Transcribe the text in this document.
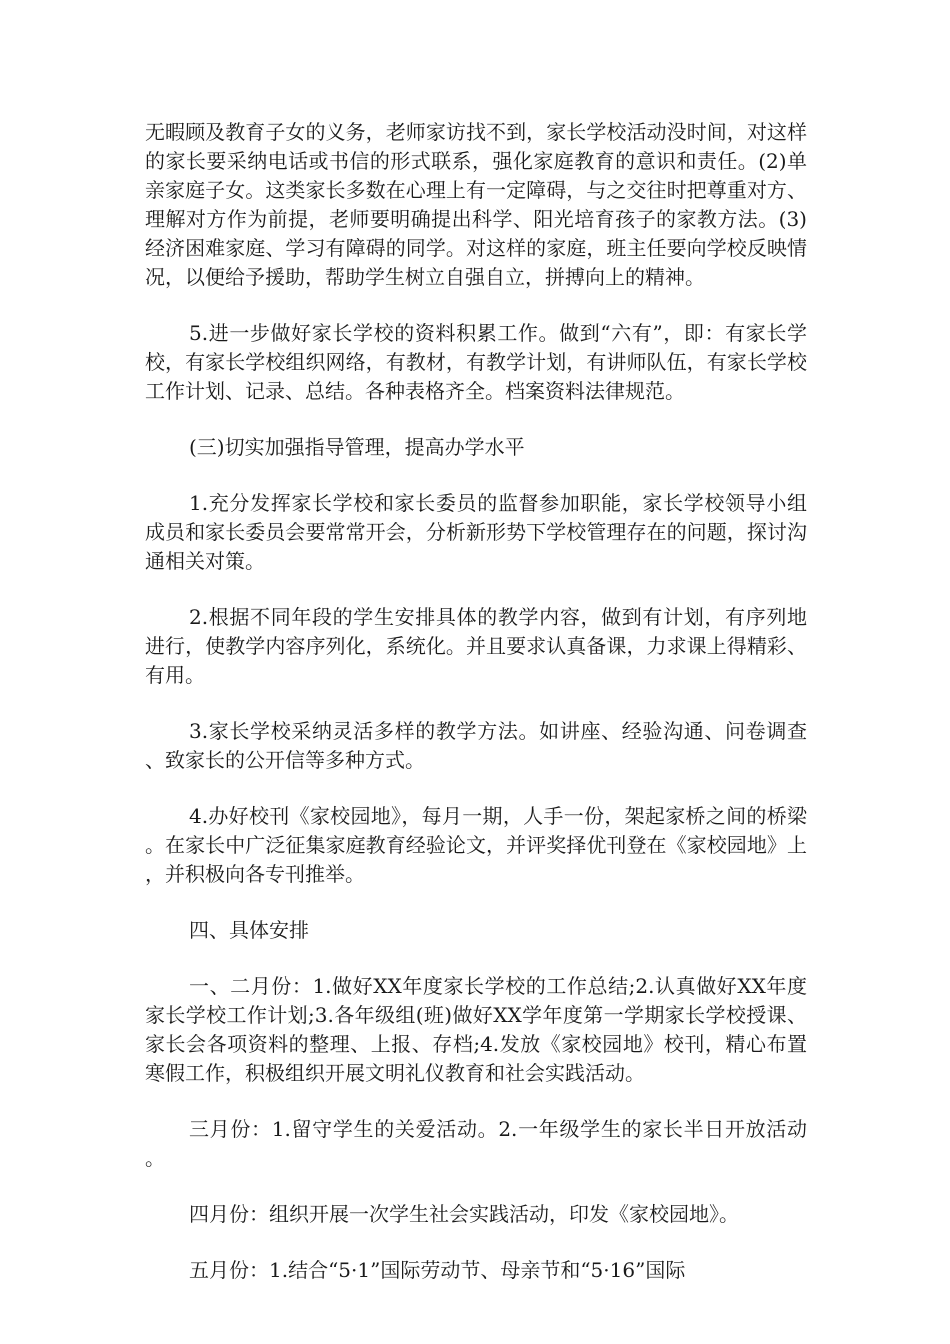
无暇顾及教育子女的义务，老师家访找不到，家长学校活动没时间，对这样的家长要采纳电话或书信的形式联系，强化家庭教育的意识和责任。(2)单亲家庭子女。这类家长多数在心理上有一定障碍，与之交往时把尊重对方、理解对方作为前提，老师要明确提出科学、阳光培育孩子的家教方法。(3)经济困难家庭、学习有障碍的同学。对这样的家庭，班主任要向学校反映情况，以便给予援助，帮助学生树立自强自立，拼搏向上的精神。

5.进一步做好家长学校的资料积累工作。做到“六有”，即：有家长学校，有家长学校组织网络，有教材，有教学计划，有讲师队伍，有家长学校工作计划、记录、总结。各种表格齐全。档案资料法律规范。

(三)切实加强指导管理，提高办学水平

1.充分发挥家长学校和家长委员的监督参加职能，家长学校领导小组成员和家长委员会要常常开会，分析新形势下学校管理存在的问题，探讨沟通相关对策。

2.根据不同年段的学生安排具体的教学内容，做到有计划，有序列地进行，使教学内容序列化，系统化。并且要求认真备课，力求课上得精彩、有用。

3.家长学校采纳灵活多样的教学方法。如讲座、经验沟通、问卷调查、致家长的公开信等多种方式。

4.办好校刊《家校园地》，每月一期，人手一份，架起家桥之间的桥梁。在家长中广泛征集家庭教育经验论文，并评奖择优刊登在《家校园地》上，并积极向各专刊推举。

四、具体安排

一、二月份：1.做好XX年度家长学校的工作总结;2.认真做好XX年度家长学校工作计划;3.各年级组(班)做好XX学年度第一学期家长学校授课、家长会各项资料的整理、上报、存档;4.发放《家校园地》校刊，精心布置寒假工作，积极组织开展文明礼仪教育和社会实践活动。

三月份：1.留守学生的关爱活动。2.一年级学生的家长半日开放活动。

四月份：组织开展一次学生社会实践活动，印发《家校园地》。

五月份：1.结合“5·1”国际劳动节、母亲节和“5·16”国际
